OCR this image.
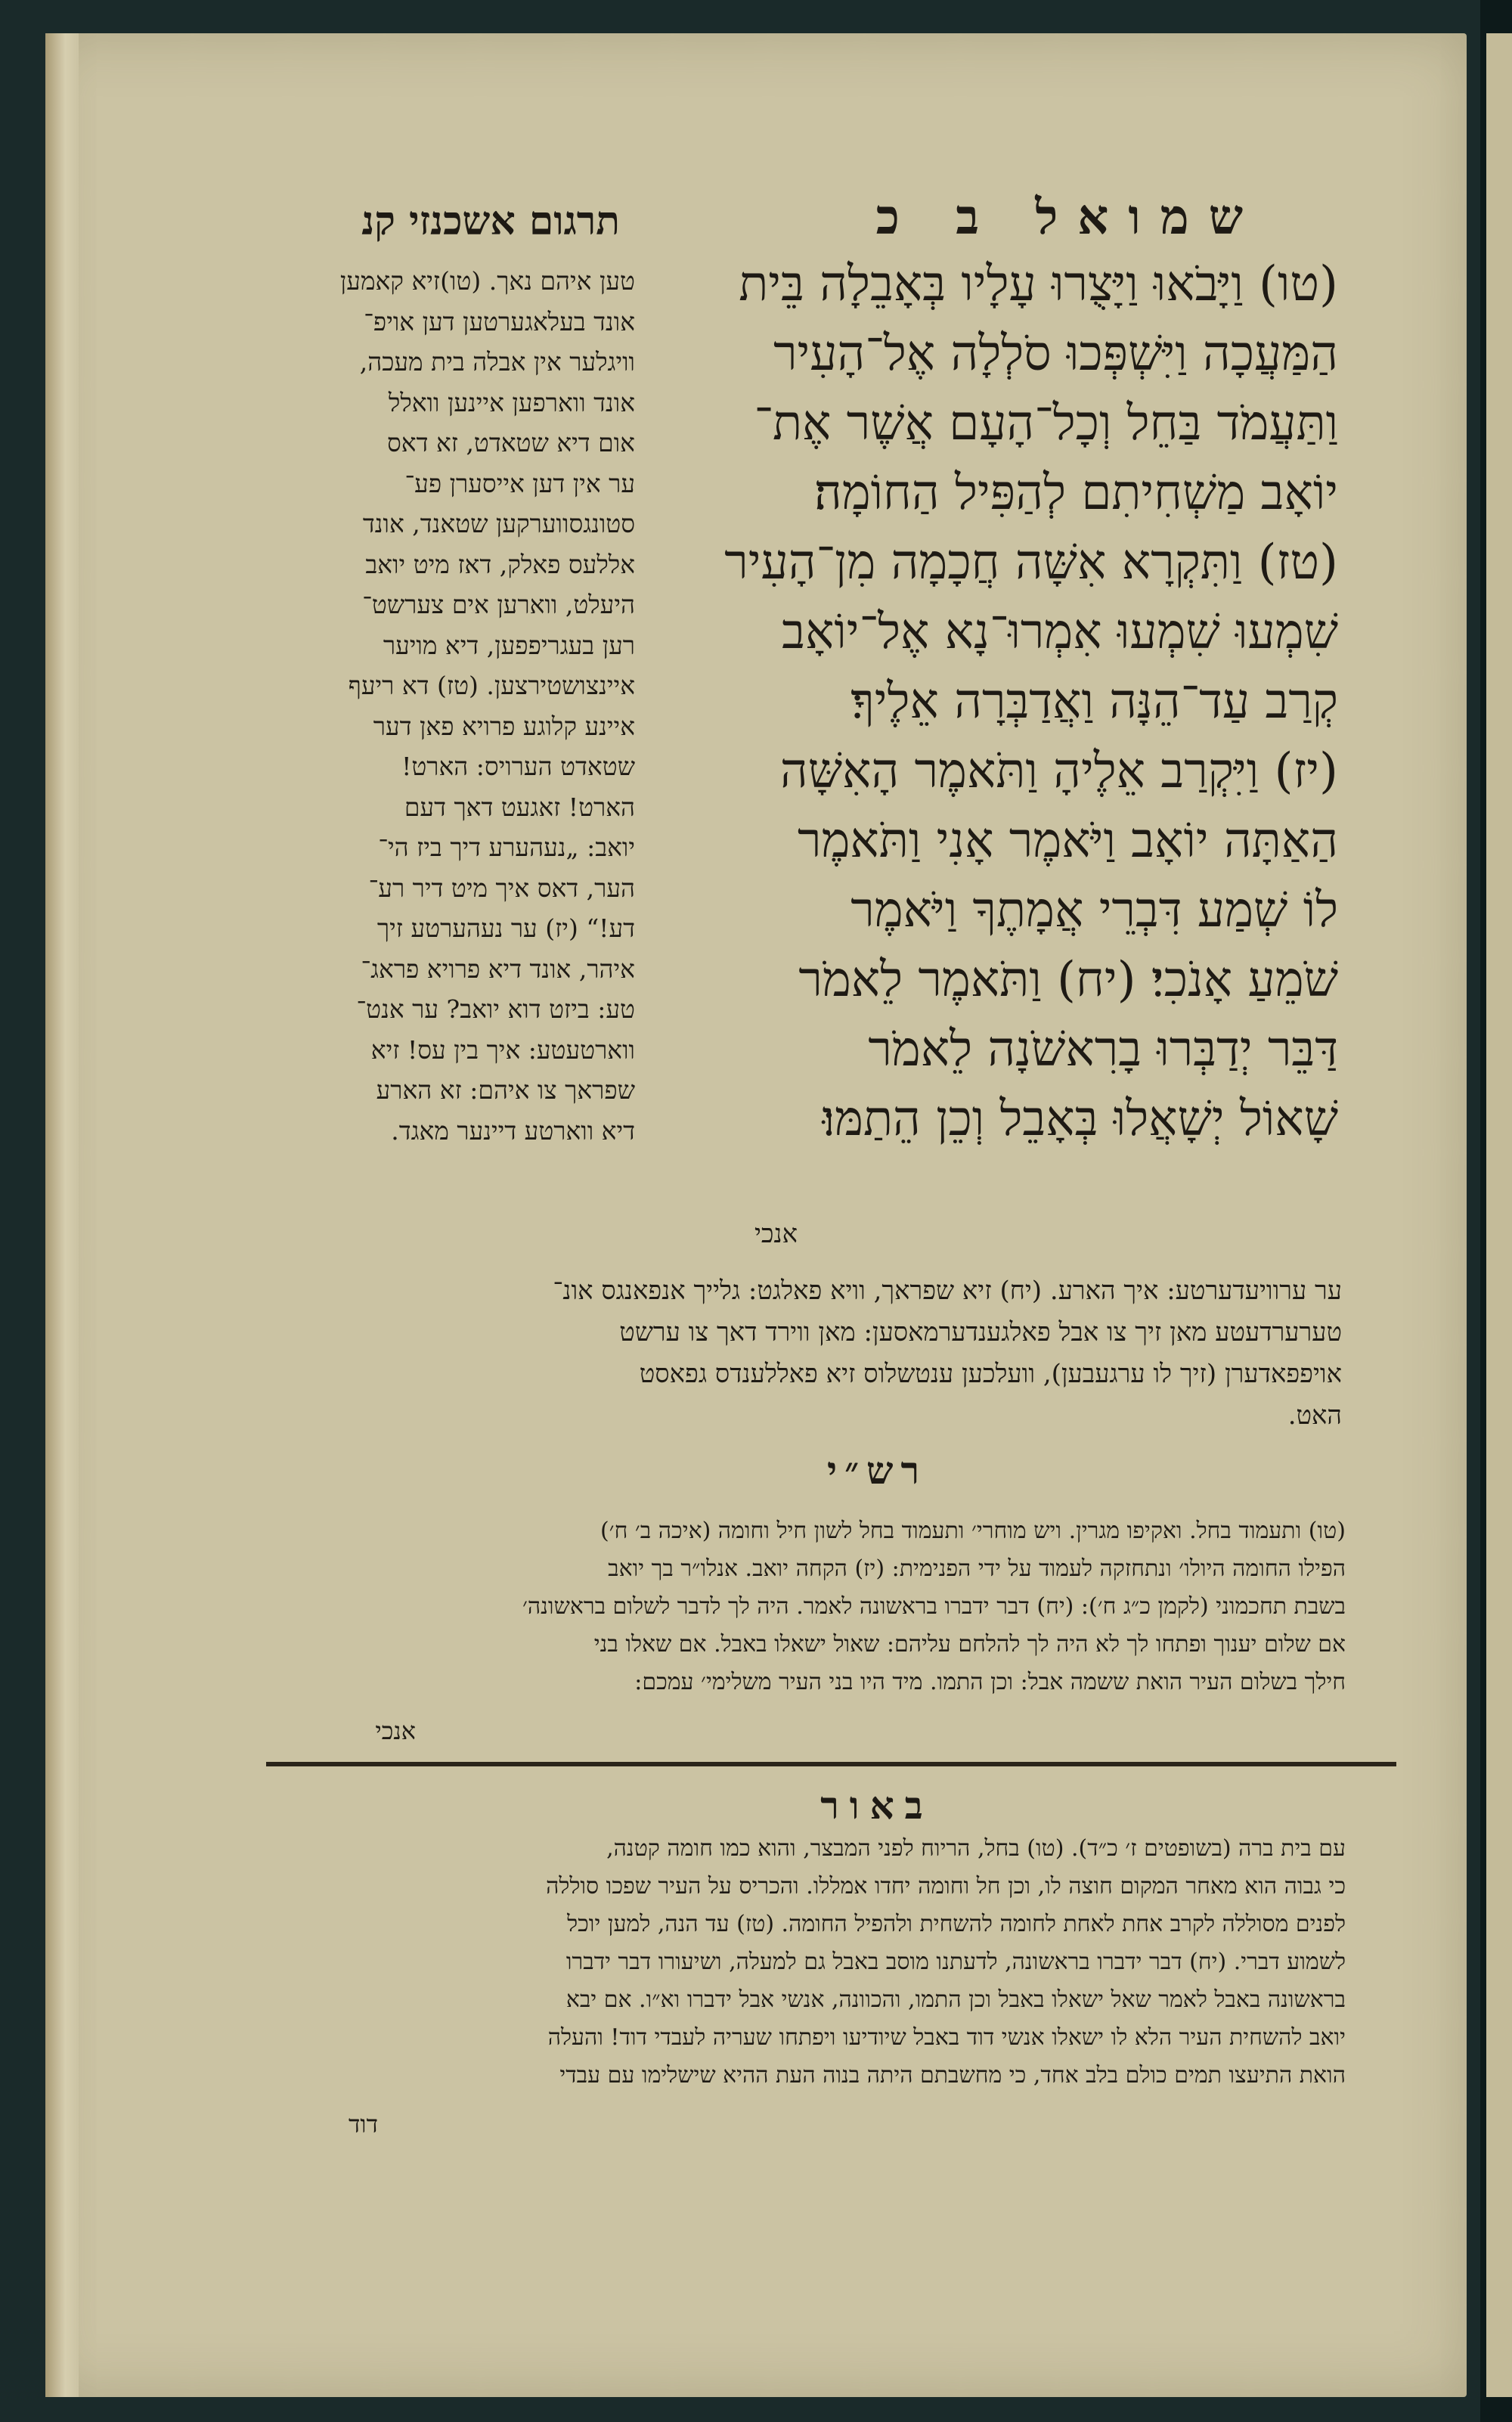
תרגום אשכנזי קנ	שמואל ב כ

(טו) וַיָּבֹאוּ וַיָּצֻרוּ עָלָיו בְּאָבֵלָה בֵּית

הַמַּעֲכָה וַיִּשְׁפְּכוּ סֹלְלָה אֶל־הָעִיר

וַתַּעֲמֹד בַּחֵל וְכָל־הָעָם אֲשֶׁר אֶת־

יוֹאָב מַשְׁחִיתִם לְהַפִּיל הַחוֹמָה׃

(טז) וַתִּקְרָא אִשָּׁה חֲכָמָה מִן־הָעִיר

שִׁמְעוּ שִׁמְעוּ אִמְרוּ־נָא אֶל־יוֹאָב

קְרַב עַד־הֵנָּה וַאֲדַבְּרָה אֵלֶיךָ׃

(יז) וַיִּקְרַב אֵלֶיהָ וַתֹּאמֶר הָאִשָּׁה

הַאַתָּה יוֹאָב וַיֹּאמֶר אָנִי וַתֹּאמֶר

לוֹ שְׁמַע דִּבְרֵי אֲמָתֶךָ וַיֹּאמֶר

שֹׁמֵעַ אָנֹכִי׃ (יח) וַתֹּאמֶר לֵאמֹר

דַּבֵּר יְדַבְּרוּ בָרִאשֹׁנָה לֵאמֹר

שָׁאוֹל יְשָׁאֲלוּ בְּאָבֵל וְכֵן הֵתַמּוּ׃

אנכי

טען איהם נאך. (טו)זיא קאמען

אונד בעלאגערטען דען אויפ־

וויגלער אין אבלה בית מעכה,

אונד ווארפען איינען וואלל

אום דיא שטאדט, זא דאס

ער אין דען אייסערן פע־

סטונגסווערקען שטאנד, אונד

אללעס פאלק, דאז מיט יואב

היעלט, ווארען אים צערשט־

רען בעגריפפען, דיא מויער

איינצושטירצען. (טז) דא ריעף

איינע קלוגע פרויא פאן דער

שטאדט הערויס: הארט!

הארט! זאגעט דאך דעם

יואב: „נעהערע דיך ביז הי־

הער, דאס איך מיט דיר רע־

דע!“ (יז) ער נעהערטע זיך

איהר, אונד דיא פרויא פראג־

טע: ביזט דוא יואב? ער אנט־

ווארטעטע: איך בין עס! זיא

שפראך צו איהם: זא הארע

דיא ווארטע דיינער מאגד.

ער ערוויעדערטע: איך הארע. (יח) זיא שפראך, וויא פאלגט: גלייך אנפאנגס אונ־

טערערדעטע מאן זיך צו אבל פאלגענדערמאסען: מאן ווירד דאך צו ערשט

אויפפאדערן (זיך לו ערגעבען), וועלכען ענטשלוס זיא פאללענדס גפאסט

האט.

רש״י

(טו) ותעמוד בחל. ואקיפו מגרין. ויש מוחרי׳ ותעמוד בחל לשון חיל וחומה (איכה ב׳ ח׳)

הפילו החומה היולו׳ ונתחזקה לעמוד על ידי הפנימית: (יז) הקחה יואב. אנלו״ר בך יואב

בשבת תחכמוני (לקמן כ״ג ח׳): (יח) דבר ידברו בראשונה לאמר. היה לך לדבר לשלום בראשונה׳

אם שלום יענוך ופתחו לך לא היה לך להלחם עליהם: שאול ישאלו באבל. אם שאלו בני

חילך בשלום העיר הואת ששמה אבל: וכן התמו. מיד היו בני העיר משלימי׳ עמכם:

אנכי
באור

עם בית ברה (בשופטים ז׳ כ״ד). (טו) בחל, הריוח לפני המבצר, והוא כמו חומה קטנה,

כי גבוה הוא מאחר המקום חוצה לו, וכן חל וחומה יחדו אמללו. והכריס על העיר שפכו סוללה

לפנים מסוללה לקרב אחת לאחת לחומה להשחית ולהפיל החומה. (טז) עד הנה, למען יוכל

לשמוע דברי. (יח) דבר ידברו בראשונה, לדעתנו מוסב באבל גם למעלה, ושיעורו דבר ידברו

בראשונה באבל לאמר שאל ישאלו באבל וכן התמו, והכוונה, אנשי אבל ידברו וא״ו. אם יבא

יואב להשחית העיר הלא לו ישאלו אנשי דוד באבל שיודיעו ויפתחו שעריה לעבדי דוד! והעלה

הואת התיעצו תמים כולם בלב אחד, כי מחשבתם היתה בנוה העת ההיא שישלימו עם עבדי

דוד
